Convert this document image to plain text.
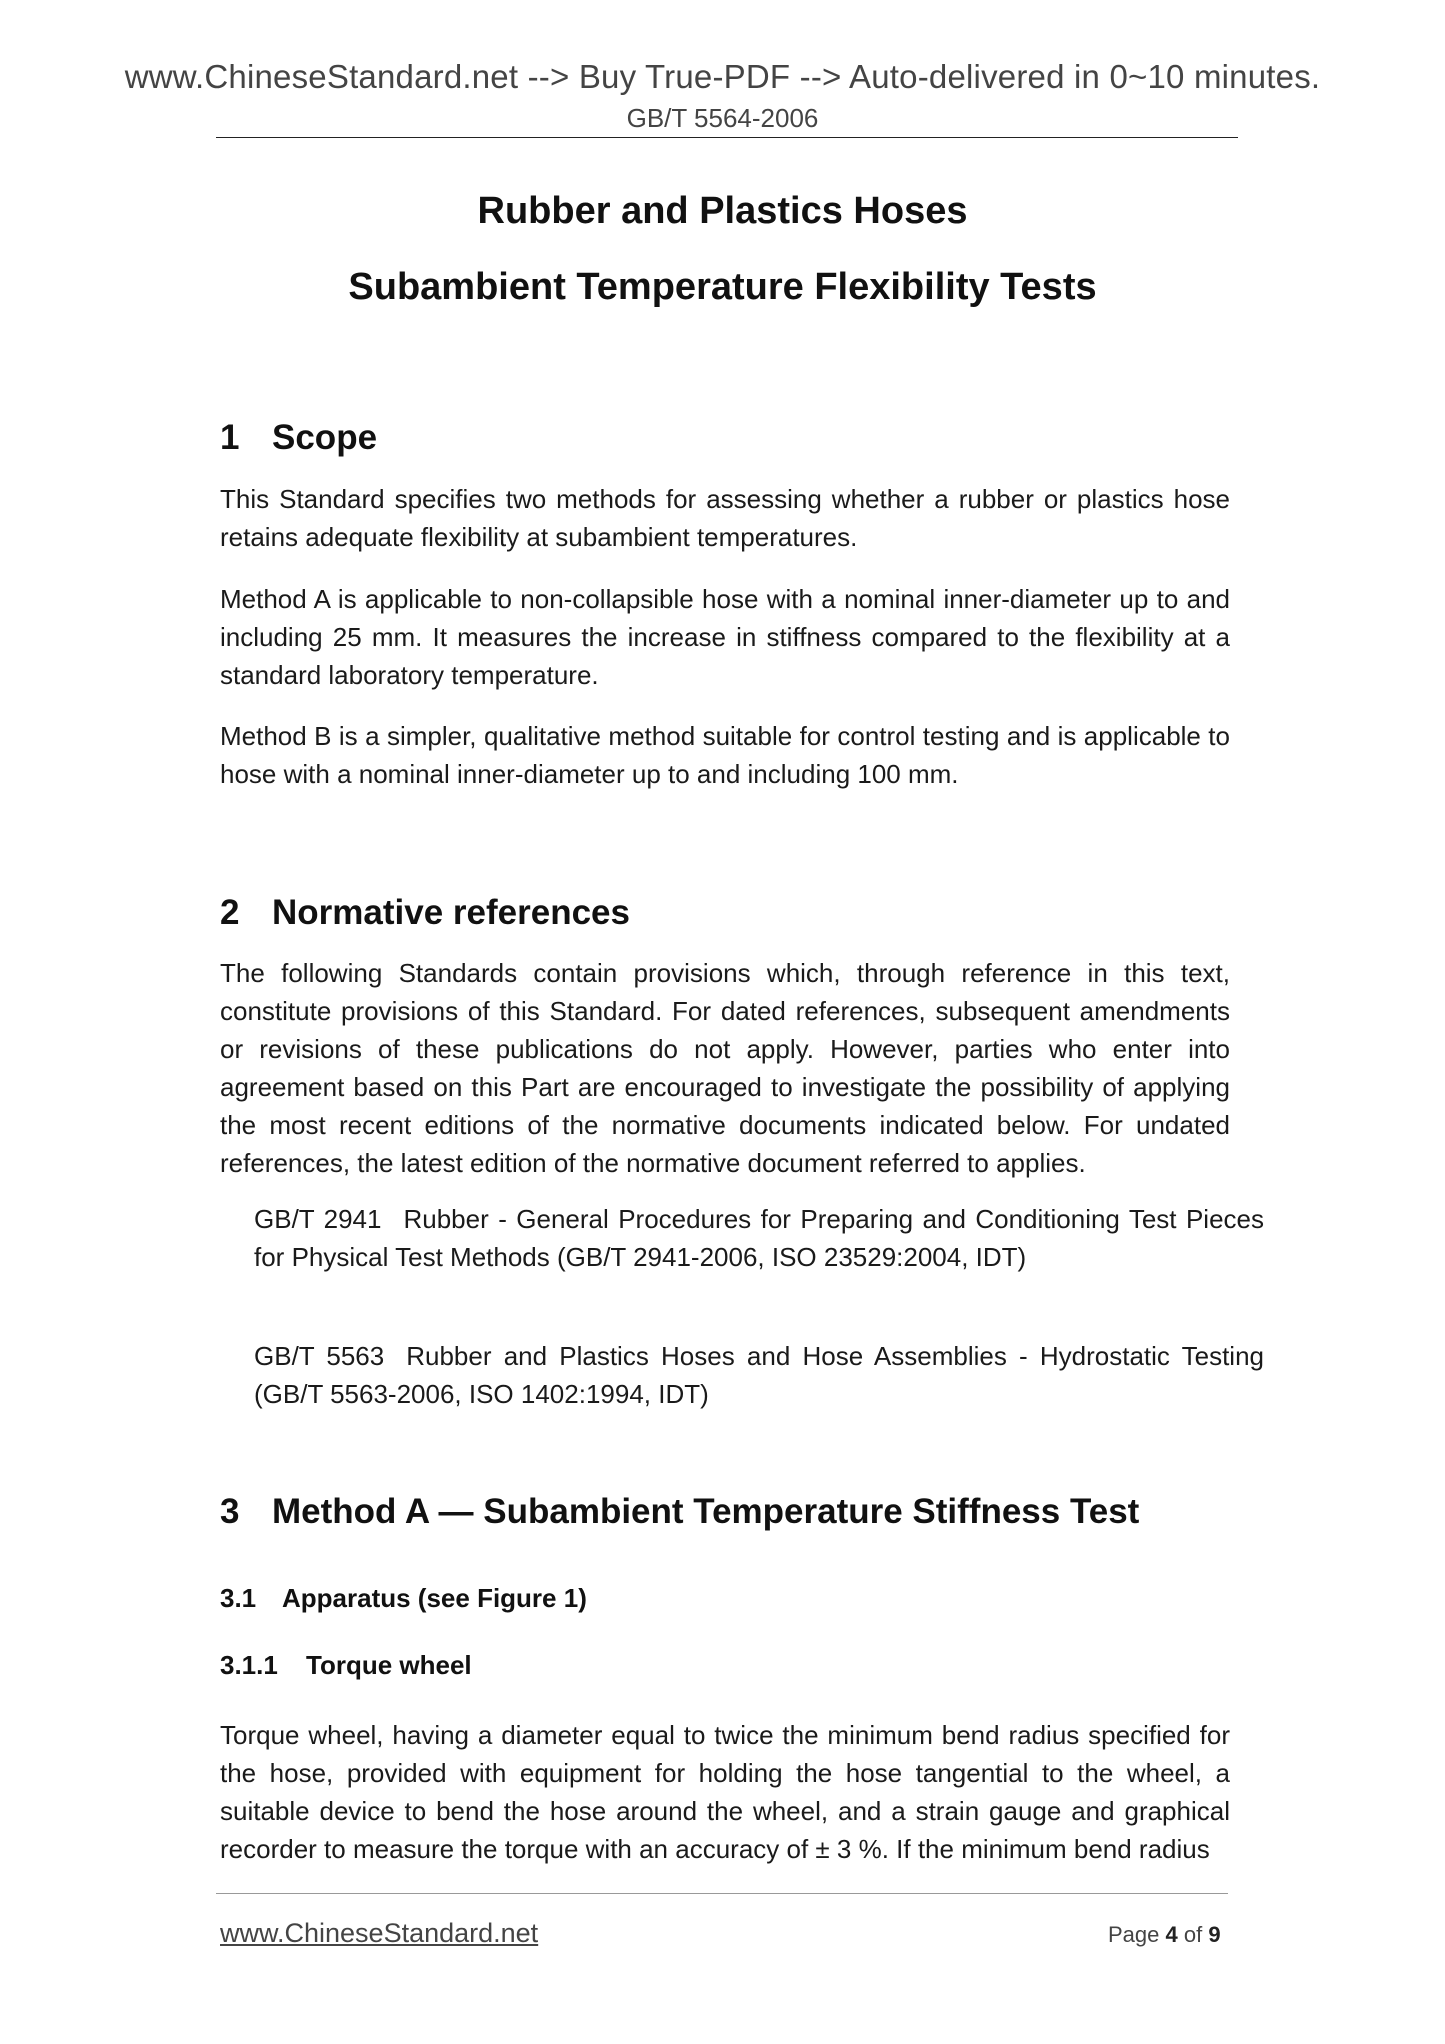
www.ChineseStandard.net --> Buy True-PDF --> Auto-delivered in 0~10 minutes.
GB/T 5564-2006
Rubber and Plastics Hoses
Subambient Temperature Flexibility Tests
1 Scope

This Standard specifies two methods for assessing whether a rubber or plastics hose retains adequate flexibility at subambient temperatures.

Method A is applicable to non-collapsible hose with a nominal inner-diameter up to and including 25 mm. It measures the increase in stiffness compared to the flexibility at a standard laboratory temperature.

Method B is a simpler, qualitative method suitable for control testing and is applicable to hose with a nominal inner-diameter up to and including 100 mm.

2 Normative references

The following Standards contain provisions which, through reference in this text, constitute provisions of this Standard. For dated references, subsequent amendments or revisions of these publications do not apply. However, parties who enter into agreement based on this Part are encouraged to investigate the possibility of applying the most recent editions of the normative documents indicated below. For undated references, the latest edition of the normative document referred to applies.

GB/T 2941 Rubber - General Procedures for Preparing and Conditioning Test Pieces for Physical Test Methods (GB/T 2941-2006, ISO 23529:2004, IDT)

GB/T 5563 Rubber and Plastics Hoses and Hose Assemblies - Hydrostatic Testing (GB/T 5563-2006, ISO 1402:1994, IDT)

3 Method A — Subambient Temperature Stiffness Test
3.1 Apparatus (see Figure 1)
3.1.1	Torque wheel

Torque wheel, having a diameter equal to twice the minimum bend radius specified for the hose, provided with equipment for holding the hose tangential to the wheel, a suitable device to bend the hose around the wheel, and a strain gauge and graphical recorder to measure the torque with an accuracy of ± 3 %. If the minimum bend radius

www.ChineseStandard.net	Page 4 of 9
